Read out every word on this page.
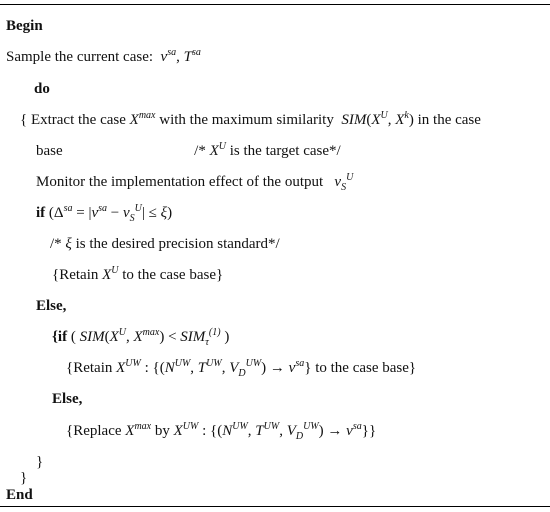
Begin
Sample the current case: $v^{sa}$, $T^{sa}$
do
{ Extract the case $X^{max}$ with the maximum similarity $SIM(X^U$, $X^k$) in the case
base	/* $X^U$ is the target case*/
Monitor the implementation effect of the output $v_S^U$
if $(\Delta^{sa} = |v^{sa} - v_S^U| \le \xi)$
/* ξ is the desired precision standard*/
{Retain $X^U$ to the case base}
Else,
{if ( $SIM(X^U$, $X^{max}) < SIM_\tau^{(1)}$ )
{Retain $X^{UW}$ : {($N^{UW}$, $T^{UW}$, $V_D^{UW}) \to v^{sa}$} to the case base}
Else,
{Replace $X^{max}$ by $X^{UW}$ : {($N^{UW}$, $T^{UW}$, $V_D^{UW}) \to v^{sa}$}}
}
}
End
